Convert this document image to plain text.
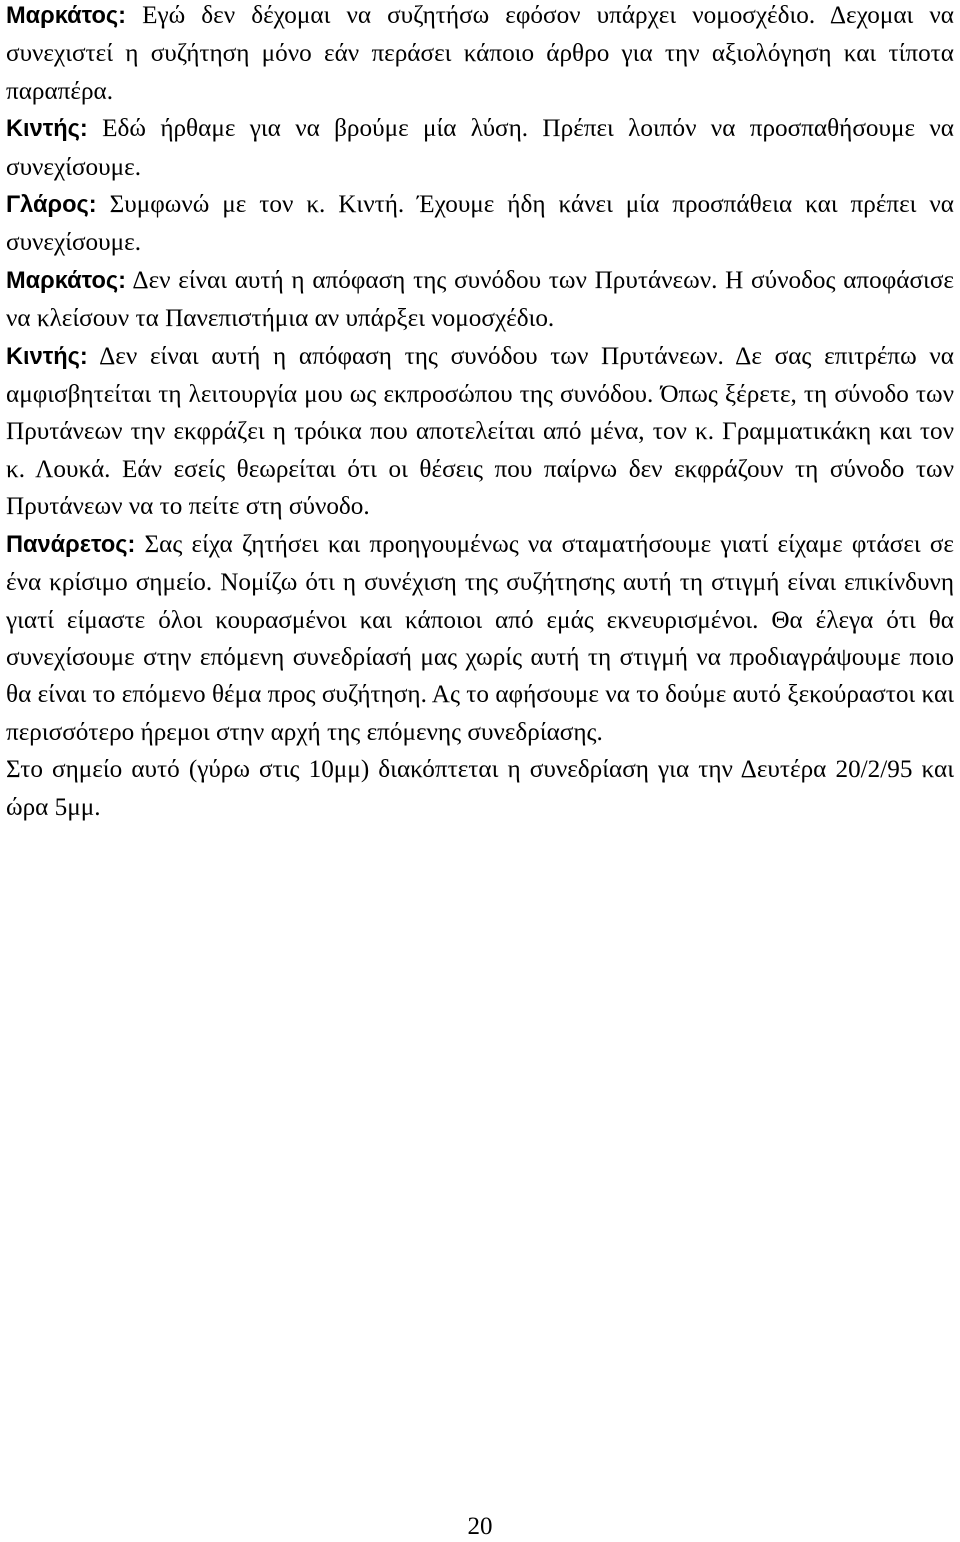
Μαρκάτος: Εγώ δεν δέχομαι να συζητήσω εφόσον υπάρχει νομοσχέδιο. Δεχομαι να συνεχιστεί η συζήτηση μόνο εάν περάσει κάποιο άρθρο για την αξιολόγηση και τίποτα παραπέρα.

Κιντής: Εδώ ήρθαμε για να βρούμε μία λύση. Πρέπει λοιπόν να προσπαθήσουμε να συνεχίσουμε.

Γλάρος: Συμφωνώ με τον κ. Κιντή. Έχουμε ήδη κάνει μία προσπάθεια και πρέπει να συνεχίσουμε.

Μαρκάτος: Δεν είναι αυτή η απόφαση της συνόδου των Πρυτάνεων. Η σύνοδος αποφάσισε να κλείσουν τα Πανεπιστήμια αν υπάρξει νομοσχέδιο.

Κιντής: Δεν είναι αυτή η απόφαση της συνόδου των Πρυτάνεων. Δε σας επιτρέπω να αμφισβητείται τη λειτουργία μου ως εκπροσώπου της συνόδου. Όπως ξέρετε, τη σύνοδο των Πρυτάνεων την εκφράζει η τρόικα που αποτελείται από μένα, τον κ. Γραμματικάκη και τον κ. Λουκά. Εάν εσείς θεωρείται ότι οι θέσεις που παίρνω δεν εκφράζουν τη σύνοδο των Πρυτάνεων να το πείτε στη σύνοδο.

Πανάρετος: Σας είχα ζητήσει και προηγουμένως να σταματήσουμε γιατί είχαμε φτάσει σε ένα κρίσιμο σημείο. Νομίζω ότι η συνέχιση της συζήτησης αυτή τη στιγμή είναι επικίνδυνη γιατί είμαστε όλοι κουρασμένοι και κάποιοι από εμάς εκνευρισμένοι. Θα έλεγα ότι θα συνεχίσουμε στην επόμενη συνεδρίασή μας χωρίς αυτή τη στιγμή να προδιαγράψουμε ποιο θα είναι το επόμενο θέμα προς συζήτηση. Ας το αφήσουμε να το δούμε αυτό ξεκούραστοι και περισσότερο ήρεμοι στην αρχή της επόμενης συνεδρίασης.

Στο σημείο αυτό (γύρω στις 10μμ) διακόπτεται η συνεδρίαση για την Δευτέρα 20/2/95 και ώρα 5μμ.

20
